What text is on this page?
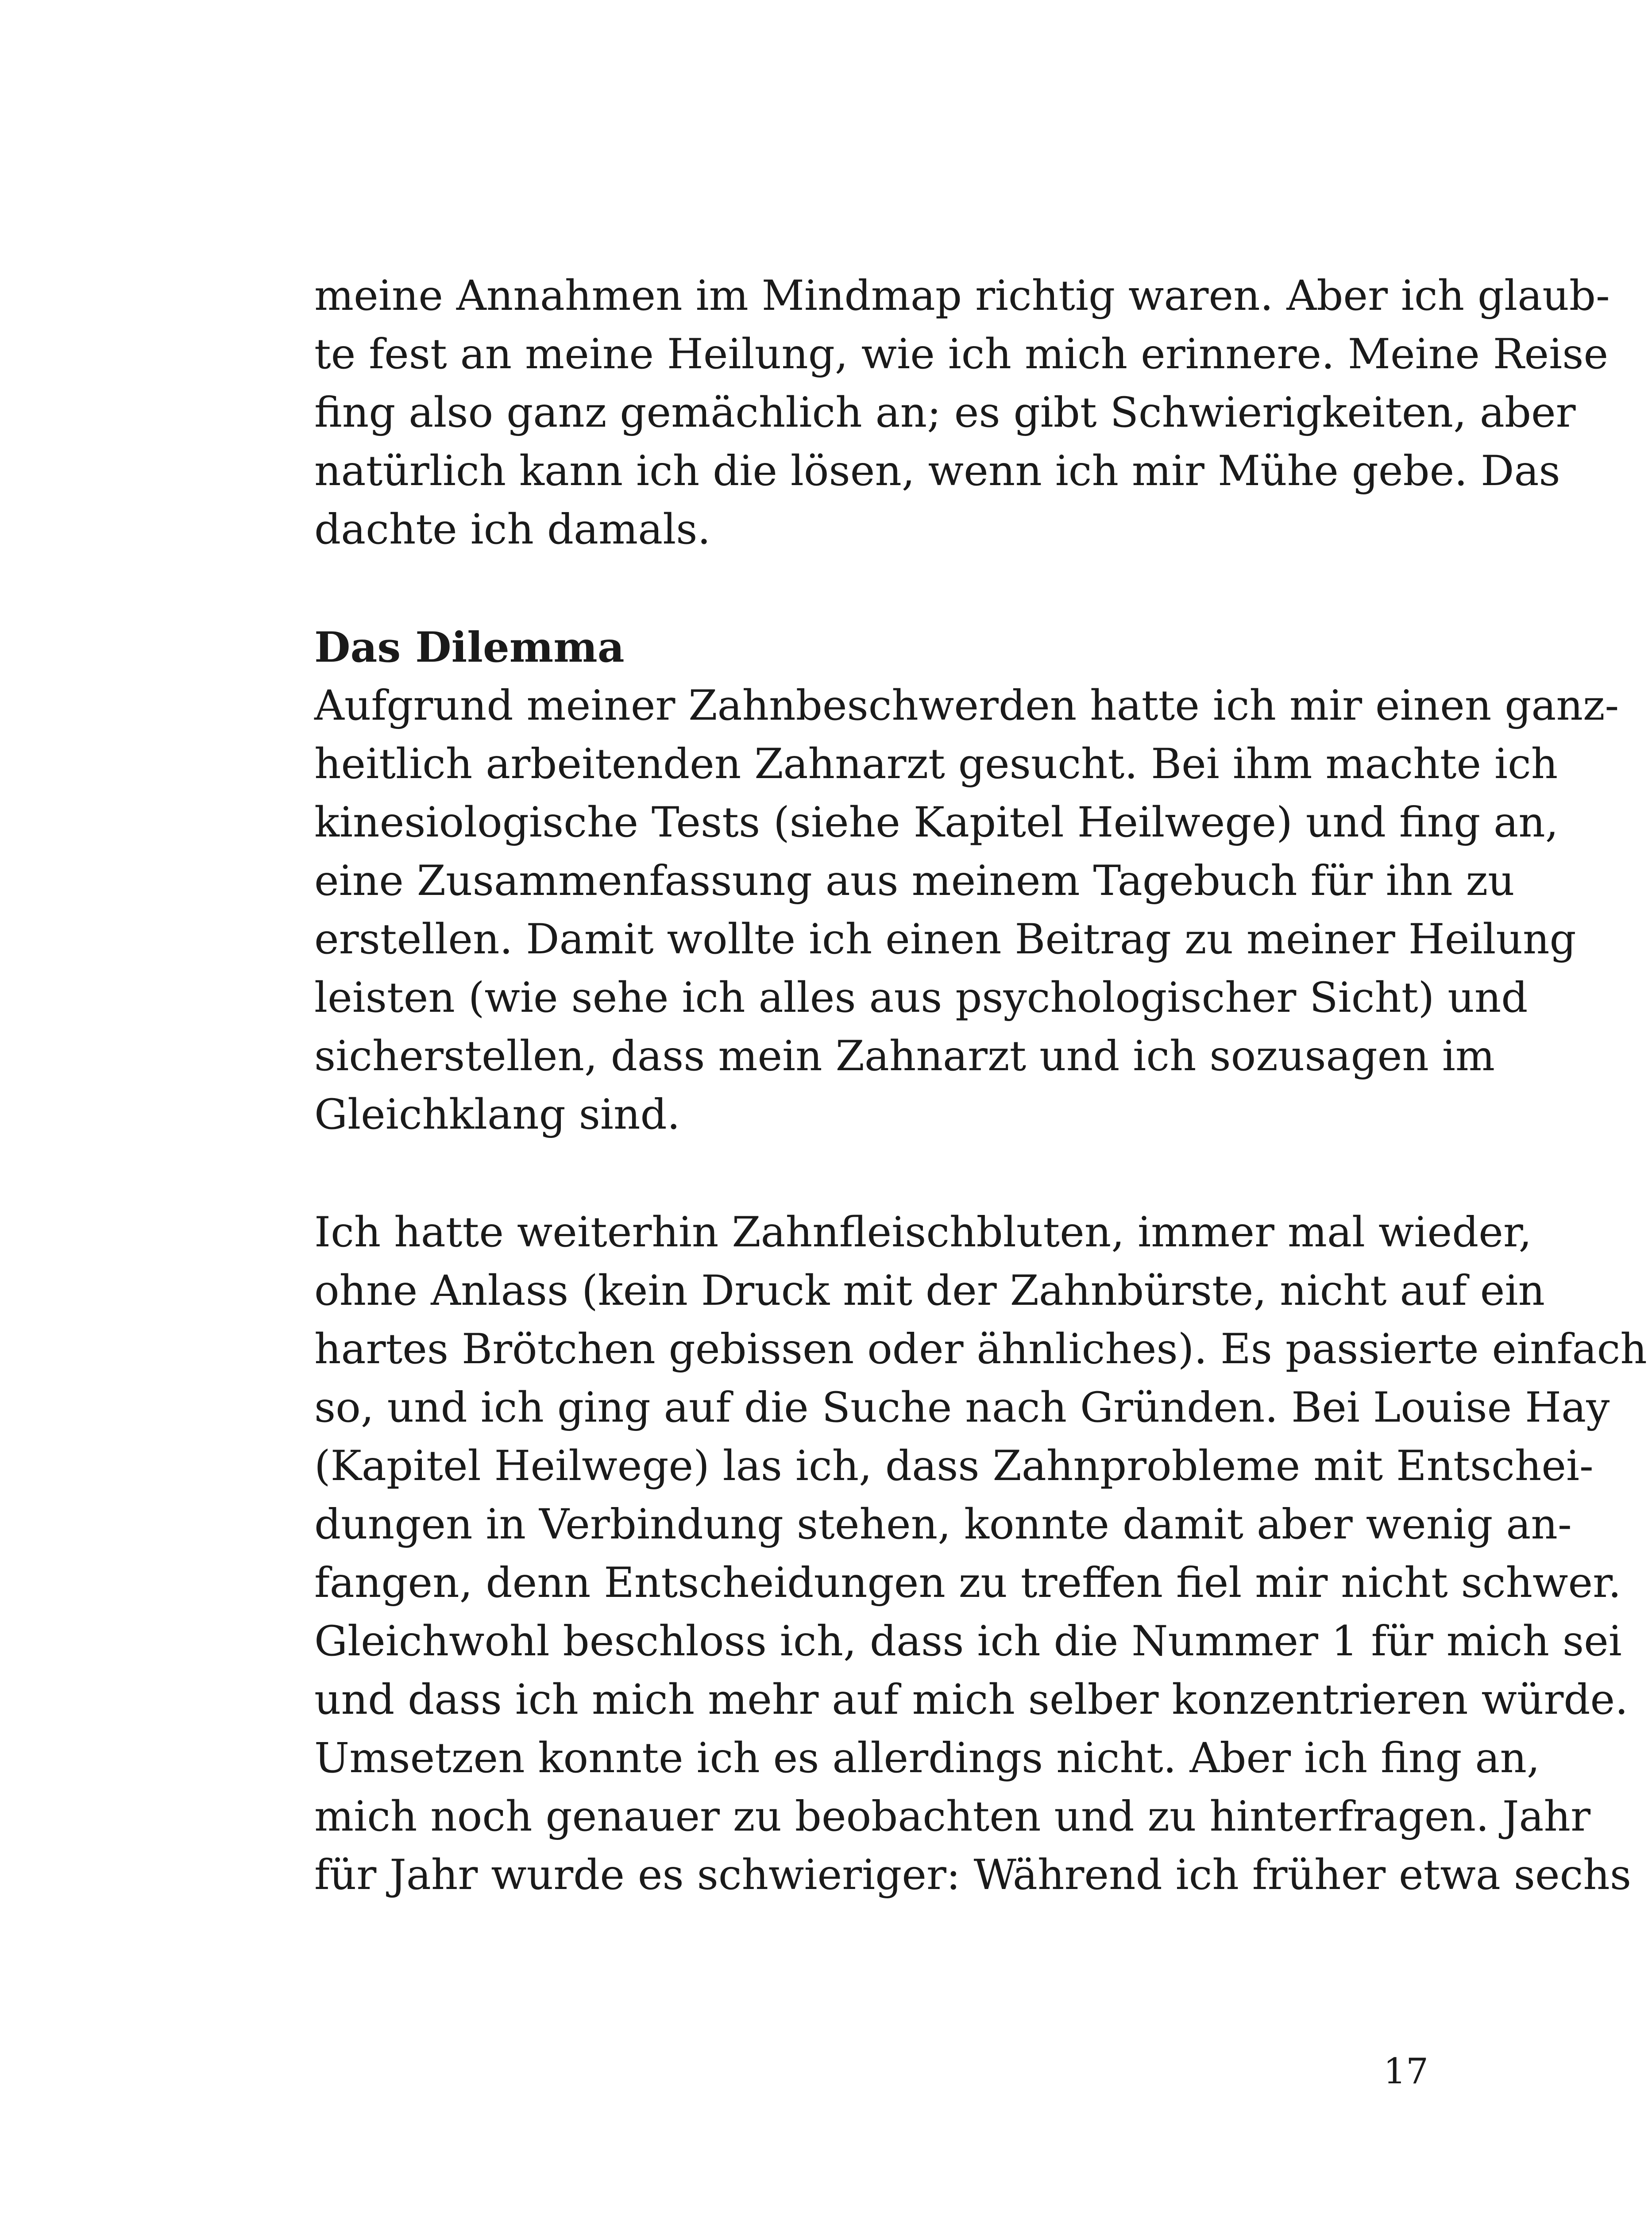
meine Annahmen im Mindmap richtig waren. Aber ich glaub-
te fest an meine Heilung, wie ich mich erinnere. Meine Reise
fing also ganz gemächlich an; es gibt Schwierigkeiten, aber
natürlich kann ich die lösen, wenn ich mir Mühe gebe. Das
dachte ich damals.
Das Dilemma
Aufgrund meiner Zahnbeschwerden hatte ich mir einen ganz-
heitlich arbeitenden Zahnarzt gesucht. Bei ihm machte ich
kinesiologische Tests (siehe Kapitel Heilwege) und fing an,
eine Zusammenfassung aus meinem Tagebuch für ihn zu
erstellen. Damit wollte ich einen Beitrag zu meiner Heilung
leisten (wie sehe ich alles aus psychologischer Sicht) und
sicherstellen, dass mein Zahnarzt und ich sozusagen im
Gleichklang sind.
Ich hatte weiterhin Zahnfleischbluten, immer mal wieder,
ohne Anlass (kein Druck mit der Zahnbürste, nicht auf ein
hartes Brötchen gebissen oder ähnliches). Es passierte einfach
so, und ich ging auf die Suche nach Gründen. Bei Louise Hay
(Kapitel Heilwege) las ich, dass Zahnprobleme mit Entschei-
dungen in Verbindung stehen, konnte damit aber wenig an-
fangen, denn Entscheidungen zu treffen fiel mir nicht schwer.
Gleichwohl beschloss ich, dass ich die Nummer 1 für mich sei
und dass ich mich mehr auf mich selber konzentrieren würde.
Umsetzen konnte ich es allerdings nicht. Aber ich fing an,
mich noch genauer zu beobachten und zu hinterfragen. Jahr
für Jahr wurde es schwieriger: Während ich früher etwa sechs
17
